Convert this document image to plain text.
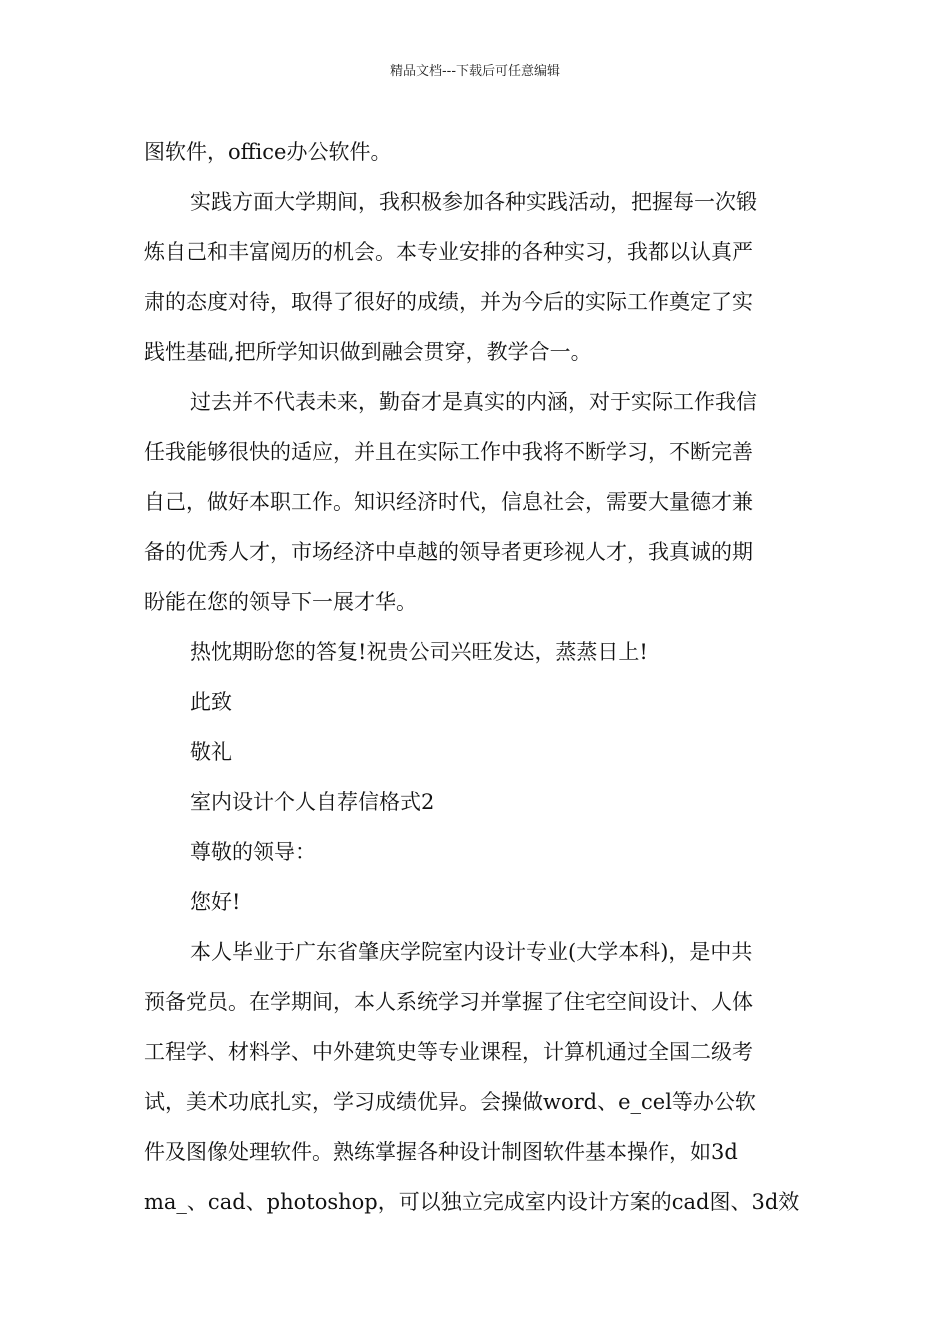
精品文档---下载后可任意编辑
图软件，office办公软件。
实践方面大学期间，我积极参加各种实践活动，把握每一次锻
炼自己和丰富阅历的机会。本专业安排的各种实习，我都以认真严
肃的态度对待，取得了很好的成绩，并为今后的实际工作奠定了实
践性基础,把所学知识做到融会贯穿，教学合一。
过去并不代表未来，勤奋才是真实的内涵，对于实际工作我信
任我能够很快的适应，并且在实际工作中我将不断学习，不断完善
自己，做好本职工作。知识经济时代，信息社会，需要大量德才兼
备的优秀人才，市场经济中卓越的领导者更珍视人才，我真诚的期
盼能在您的领导下一展才华。
热忱期盼您的答复!祝贵公司兴旺发达，蒸蒸日上!
此致
敬礼
室内设计个人自荐信格式2
尊敬的领导：
您好!
本人毕业于广东省肇庆学院室内设计专业(大学本科)，是中共
预备党员。在学期间，本人系统学习并掌握了住宅空间设计、人体
工程学、材料学、中外建筑史等专业课程，计算机通过全国二级考
试，美术功底扎实，学习成绩优异。会操做word、e_cel等办公软
件及图像处理软件。熟练掌握各种设计制图软件基本操作，如3d
ma_、cad、photoshop，可以独立完成室内设计方案的cad图、3d效
